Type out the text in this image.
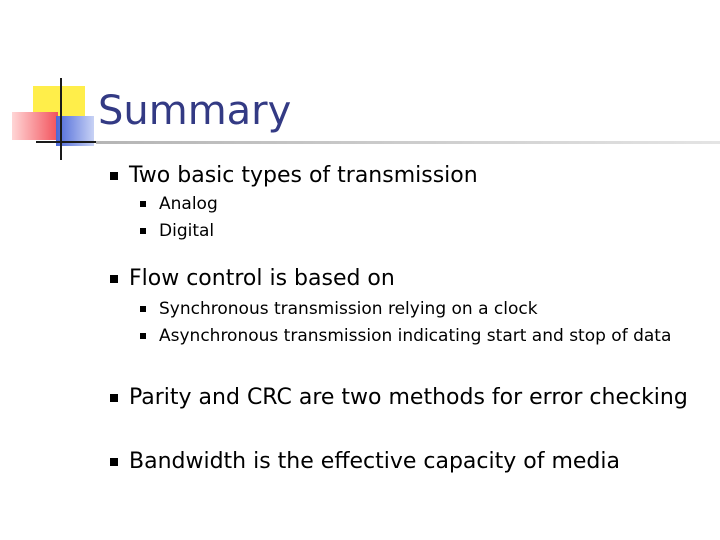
Summary
Two basic types of transmission
Analog
Digital
Flow control is based on
Synchronous transmission relying on a clock
Asynchronous transmission indicating start and stop of data
Parity and CRC are two methods for error checking
Bandwidth is the effective capacity of media
